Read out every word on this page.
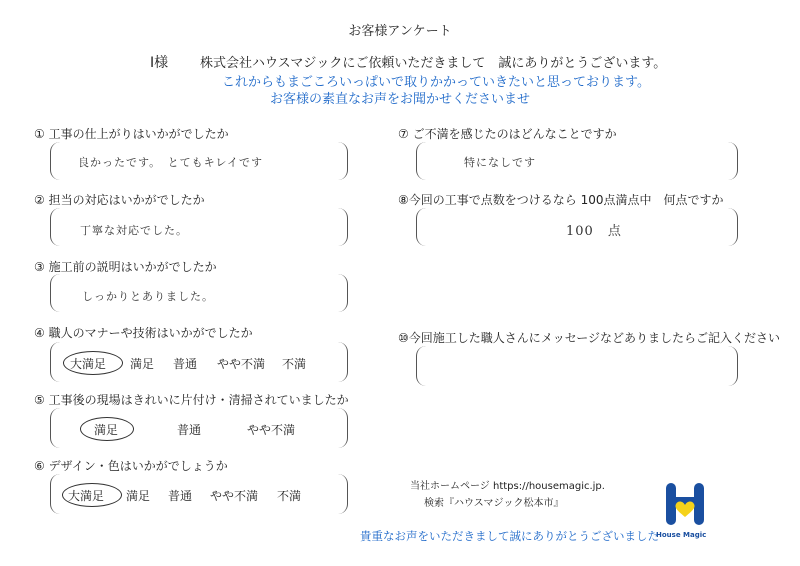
お客様アンケート
I様 株式会社ハウスマジックにご依頼いただきまして　誠にありがとうございます。
これからもまごころいっぱいで取りかかっていきたいと思っております。
お客様の素直なお声をお聞かせくださいませ
① 工事の仕上がりはいかがでしたか
良かったです。　とてもキレイです
② 担当の対応はいかがでしたか
丁寧な対応でした。
③ 施工前の説明はいかがでしたか
しっかりとありました。
④ 職人のマナーや技術はいかがでしたか
大満足 満足 普通 やや不満 不満
⑤ 工事後の現場はきれいに片付け・清掃されていましたか
満足	普通	やや不満
⑥ デザイン・色はいかがでしょうか
大満足 満足 普通 やや不満 不満
⑦ ご不満を感じたのはどんなことですか
特になしです
⑧今回の工事で点数をつけるなら 100点満点中　何点ですか
100　点
⑩今回施工した職人さんにメッセージなどありましたらご記入ください
当社ホームページ https://housemagic.jp.
検索『ハウスマジック松本市』
貴重なお声をいただきまして誠にありがとうございました
House Magic
